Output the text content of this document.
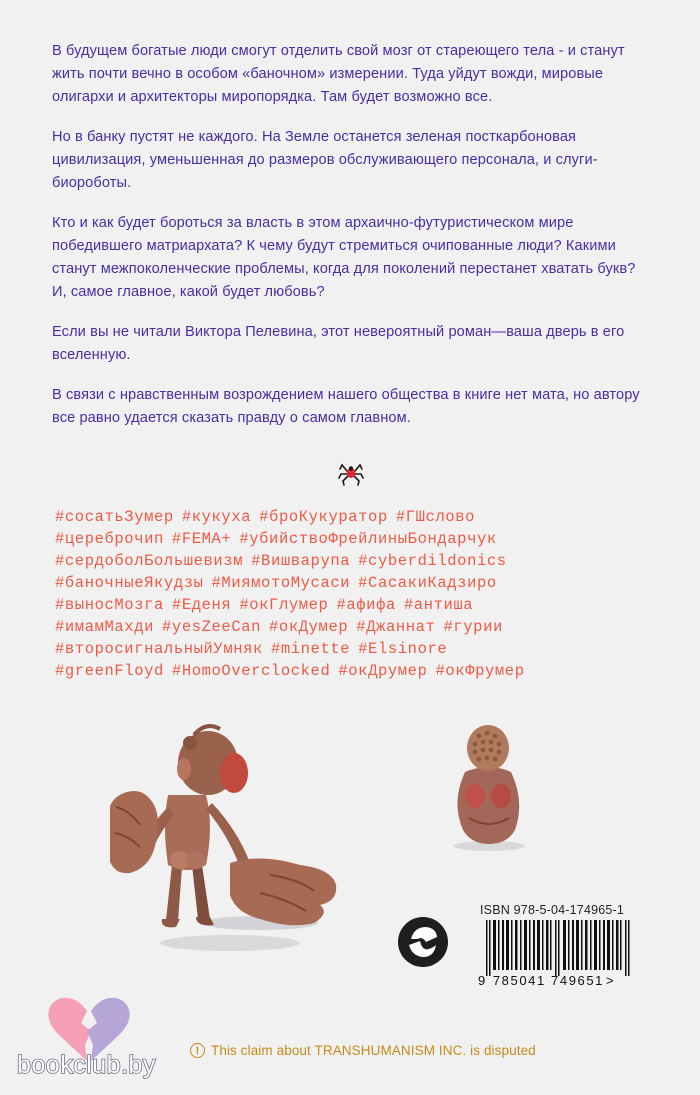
В будущем богатые люди смогут отделить свой мозг от стареющего тела - и станут жить почти вечно в особом «баночном» измерении. Туда уйдут вожди, мировые олигархи и архитекторы миропорядка. Там будет возможно все.

Но в банку пустят не каждого. На Земле останется зеленая посткарбоновая цивилизация, уменьшенная до размеров обслуживающего персонала, и слуги-биороботы.

Кто и как будет бороться за власть в этом архаично-футуристическом мире победившего матриархата? К чему будут стремиться очипованные люди? Какими станут межпоколенческие проблемы, когда для поколений перестанет хватать букв? И, самое главное, какой будет любовь?

Если вы не читали Виктора Пелевина, этот невероятный роман—ваша дверь в его вселенную.

В связи с нравственным возрождением нашего общества в книге нет мата, но автору все равно удается сказать правду о самом главном.

#сосатьЗумер #кукуха #броКукуратор #ГШслово
#цереброчип #FEMA+ #убийствоФрейлиныБондарчук
#сердоболБольшевизм #Вишварупа #cyberdildonics
#баночныеЯкудзы #МиямотоМусаси #СасакиКадзиро
#выносМозга #Еденя #окГлумер #афифа #антиша
#имамМахди #yesZeeCan #окДумер #Джаннат #гурии
#второсигнальныйУмняк #minette #Elsinore
#greenFloyd #HomoOverclocked #окДрумер #окФрумер
ISBN 978-5-04-174965-1
9 785041 749651 >
bookclub.by
! This claim about TRANSHUMANISM INC. is disputed
